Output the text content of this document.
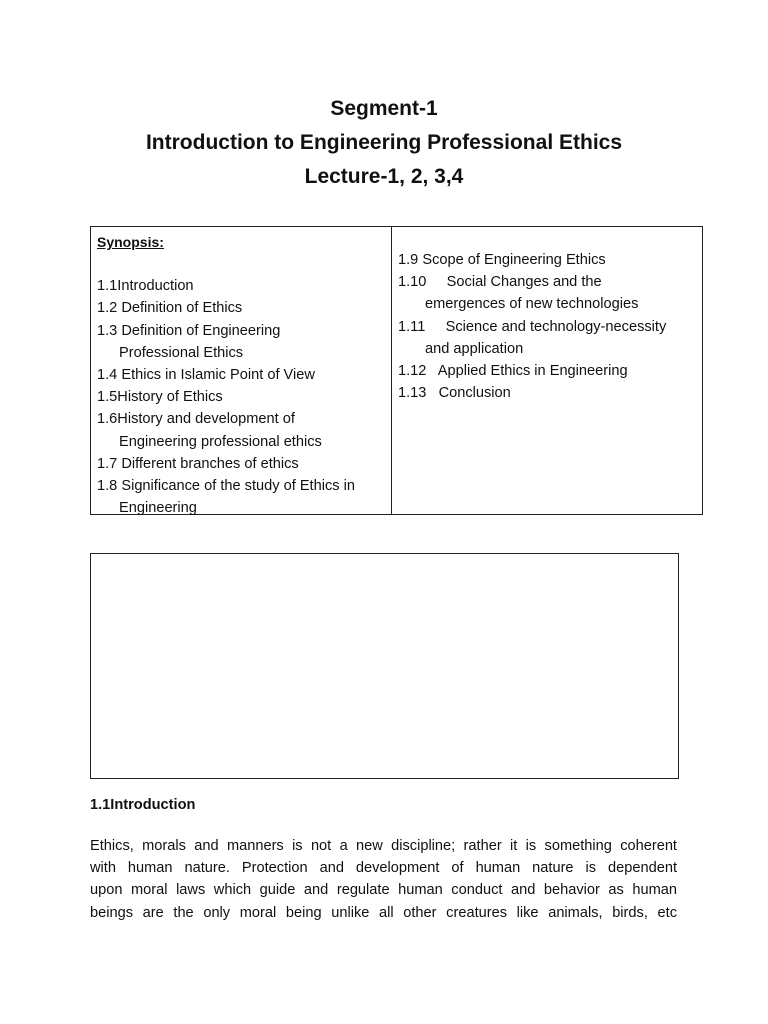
Segment-1
Introduction to Engineering Professional Ethics
Lecture-1, 2, 3,4
Synopsis:
1.1Introduction
1.2 Definition of Ethics
1.3 Definition of Engineering
Professional Ethics
1.4 Ethics in Islamic Point of View
1.5History of Ethics
1.6History and development of
Engineering professional ethics
1.7 Different branches of ethics
1.8 Significance of the study of Ethics in
Engineering
1.9 Scope of Engineering Ethics
1.10     Social Changes and the
emergences of new technologies
1.11     Science and technology-necessity
and application
1.12   Applied Ethics in Engineering
1.13   Conclusion
1.1Introduction
Ethics, morals and manners is not a new discipline; rather it is something coherent
with human nature. Protection and development of human nature is dependent
upon moral laws which guide and regulate human conduct and behavior as human
beings are the only moral being unlike all other creatures like animals, birds, etc
